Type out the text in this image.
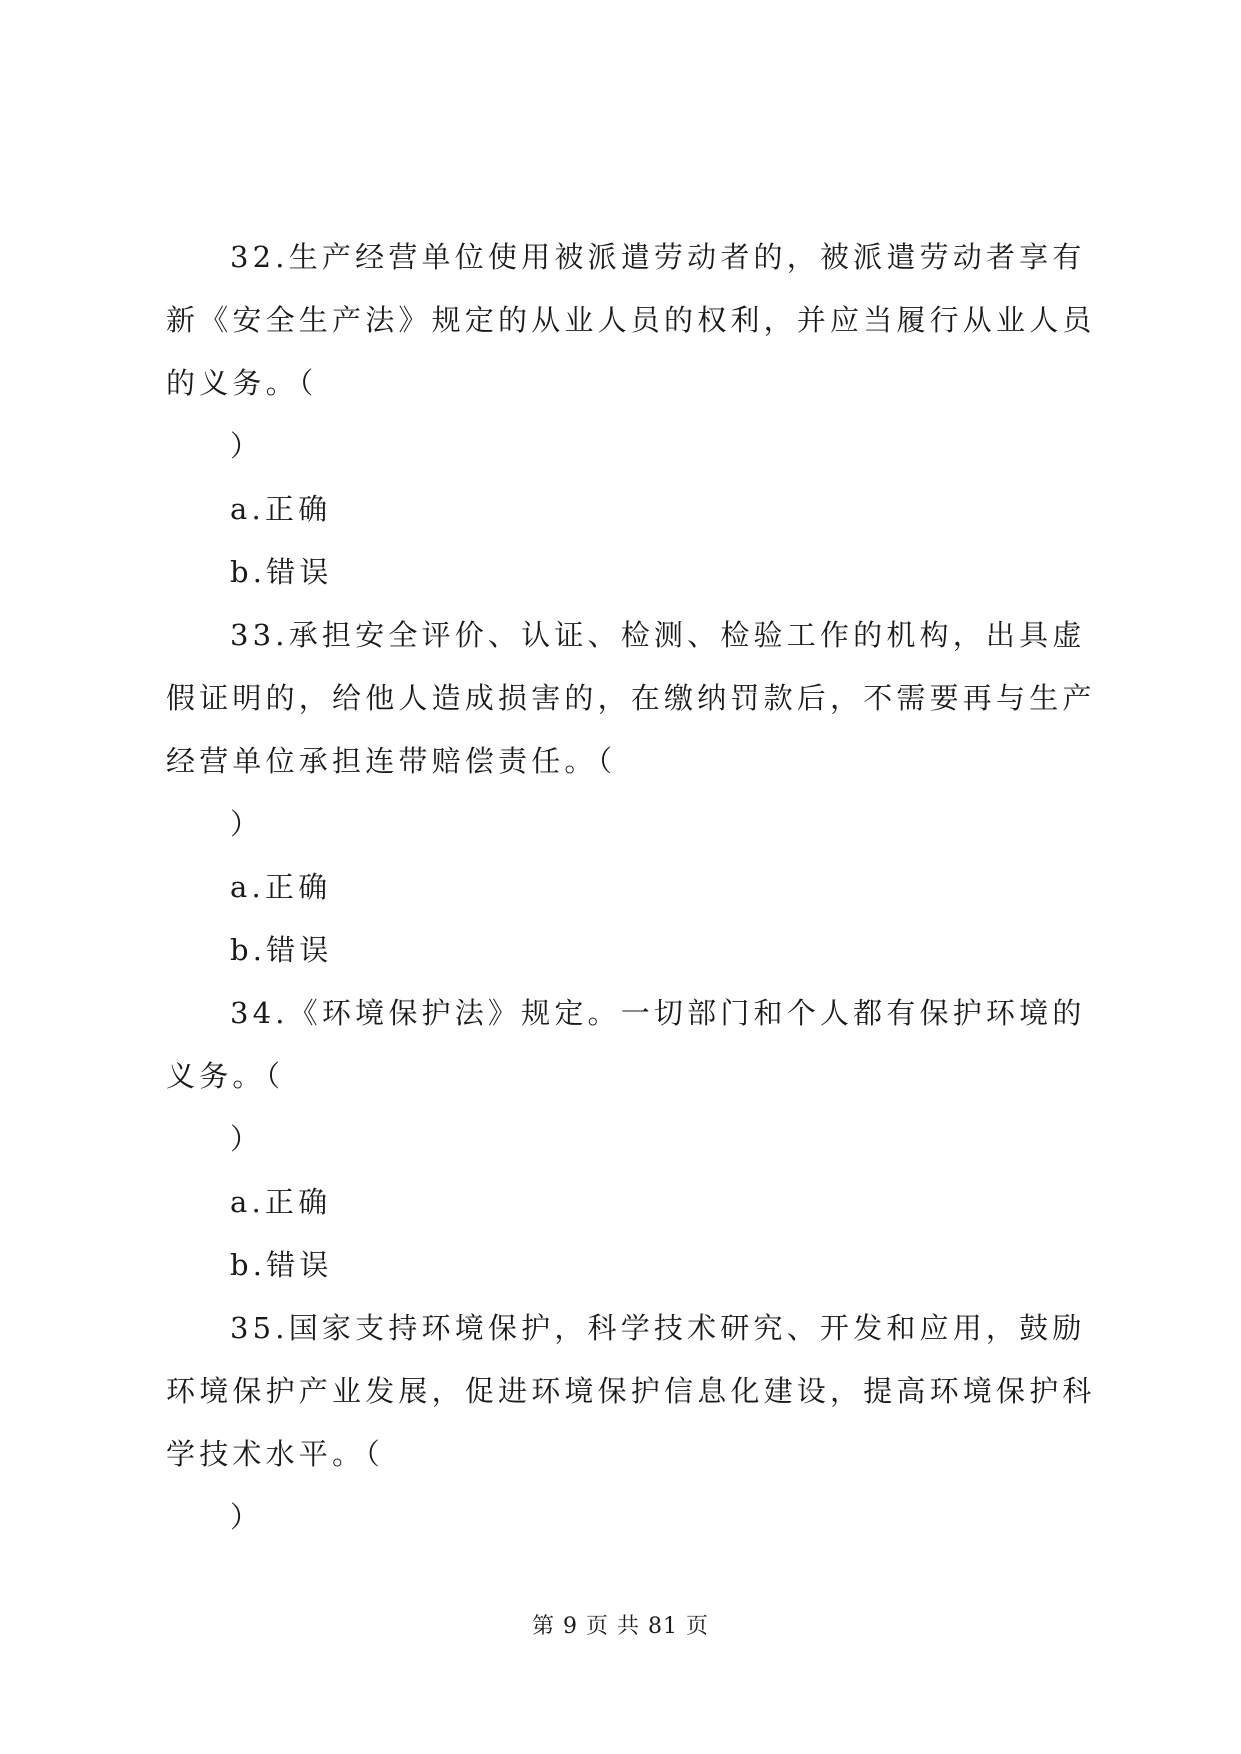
32.生产经营单位使用被派遣劳动者的，被派遣劳动者享有
新《安全生产法》规定的从业人员的权利，并应当履行从业人员
的义务。（
）
a.正确
b.错误
33.承担安全评价、认证、检测、检验工作的机构，出具虚
假证明的，给他人造成损害的，在缴纳罚款后，不需要再与生产
经营单位承担连带赔偿责任。（
）
a.正确
b.错误
34.《环境保护法》规定。一切部门和个人都有保护环境的
义务。（
）
a.正确
b.错误
35.国家支持环境保护，科学技术研究、开发和应用，鼓励
环境保护产业发展，促进环境保护信息化建设，提高环境保护科
学技术水平。（
）
第 9 页 共 81 页
